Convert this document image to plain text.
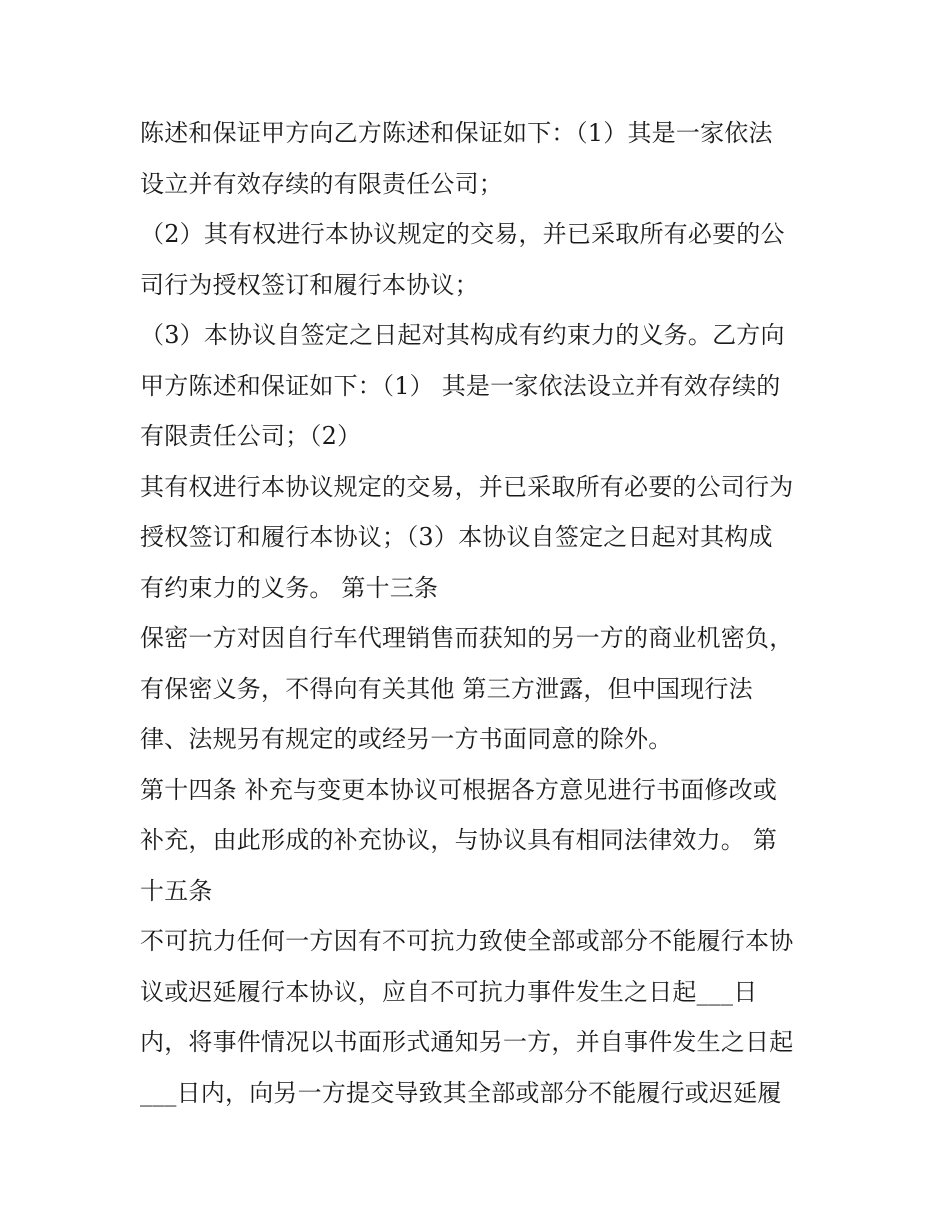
陈述和保证甲方向乙方陈述和保证如下：（1）其是一家依法
设立并有效存续的有限责任公司；
（2）其有权进行本协议规定的交易，并已采取所有必要的公
司行为授权签订和履行本协议；
（3）本协议自签定之日起对其构成有约束力的义务。乙方向
甲方陈述和保证如下：（1） 其是一家依法设立并有效存续的
有限责任公司；（2）
其有权进行本协议规定的交易，并已采取所有必要的公司行为
授权签订和履行本协议；（3）本协议自签定之日起对其构成
有约束力的义务。 第十三条
保密一方对因自行车代理销售而获知的另一方的商业机密负，
有保密义务，不得向有关其他 第三方泄露，但中国现行法
律、法规另有规定的或经另一方书面同意的除外。
第十四条 补充与变更本协议可根据各方意见进行书面修改或
补充，由此形成的补充协议，与协议具有相同法律效力。 第
十五条
不可抗力任何一方因有不可抗力致使全部或部分不能履行本协
议或迟延履行本协议，应自不可抗力事件发生之日起___日
内，将事件情况以书面形式通知另一方，并自事件发生之日起
___日内，向另一方提交导致其全部或部分不能履行或迟延履
